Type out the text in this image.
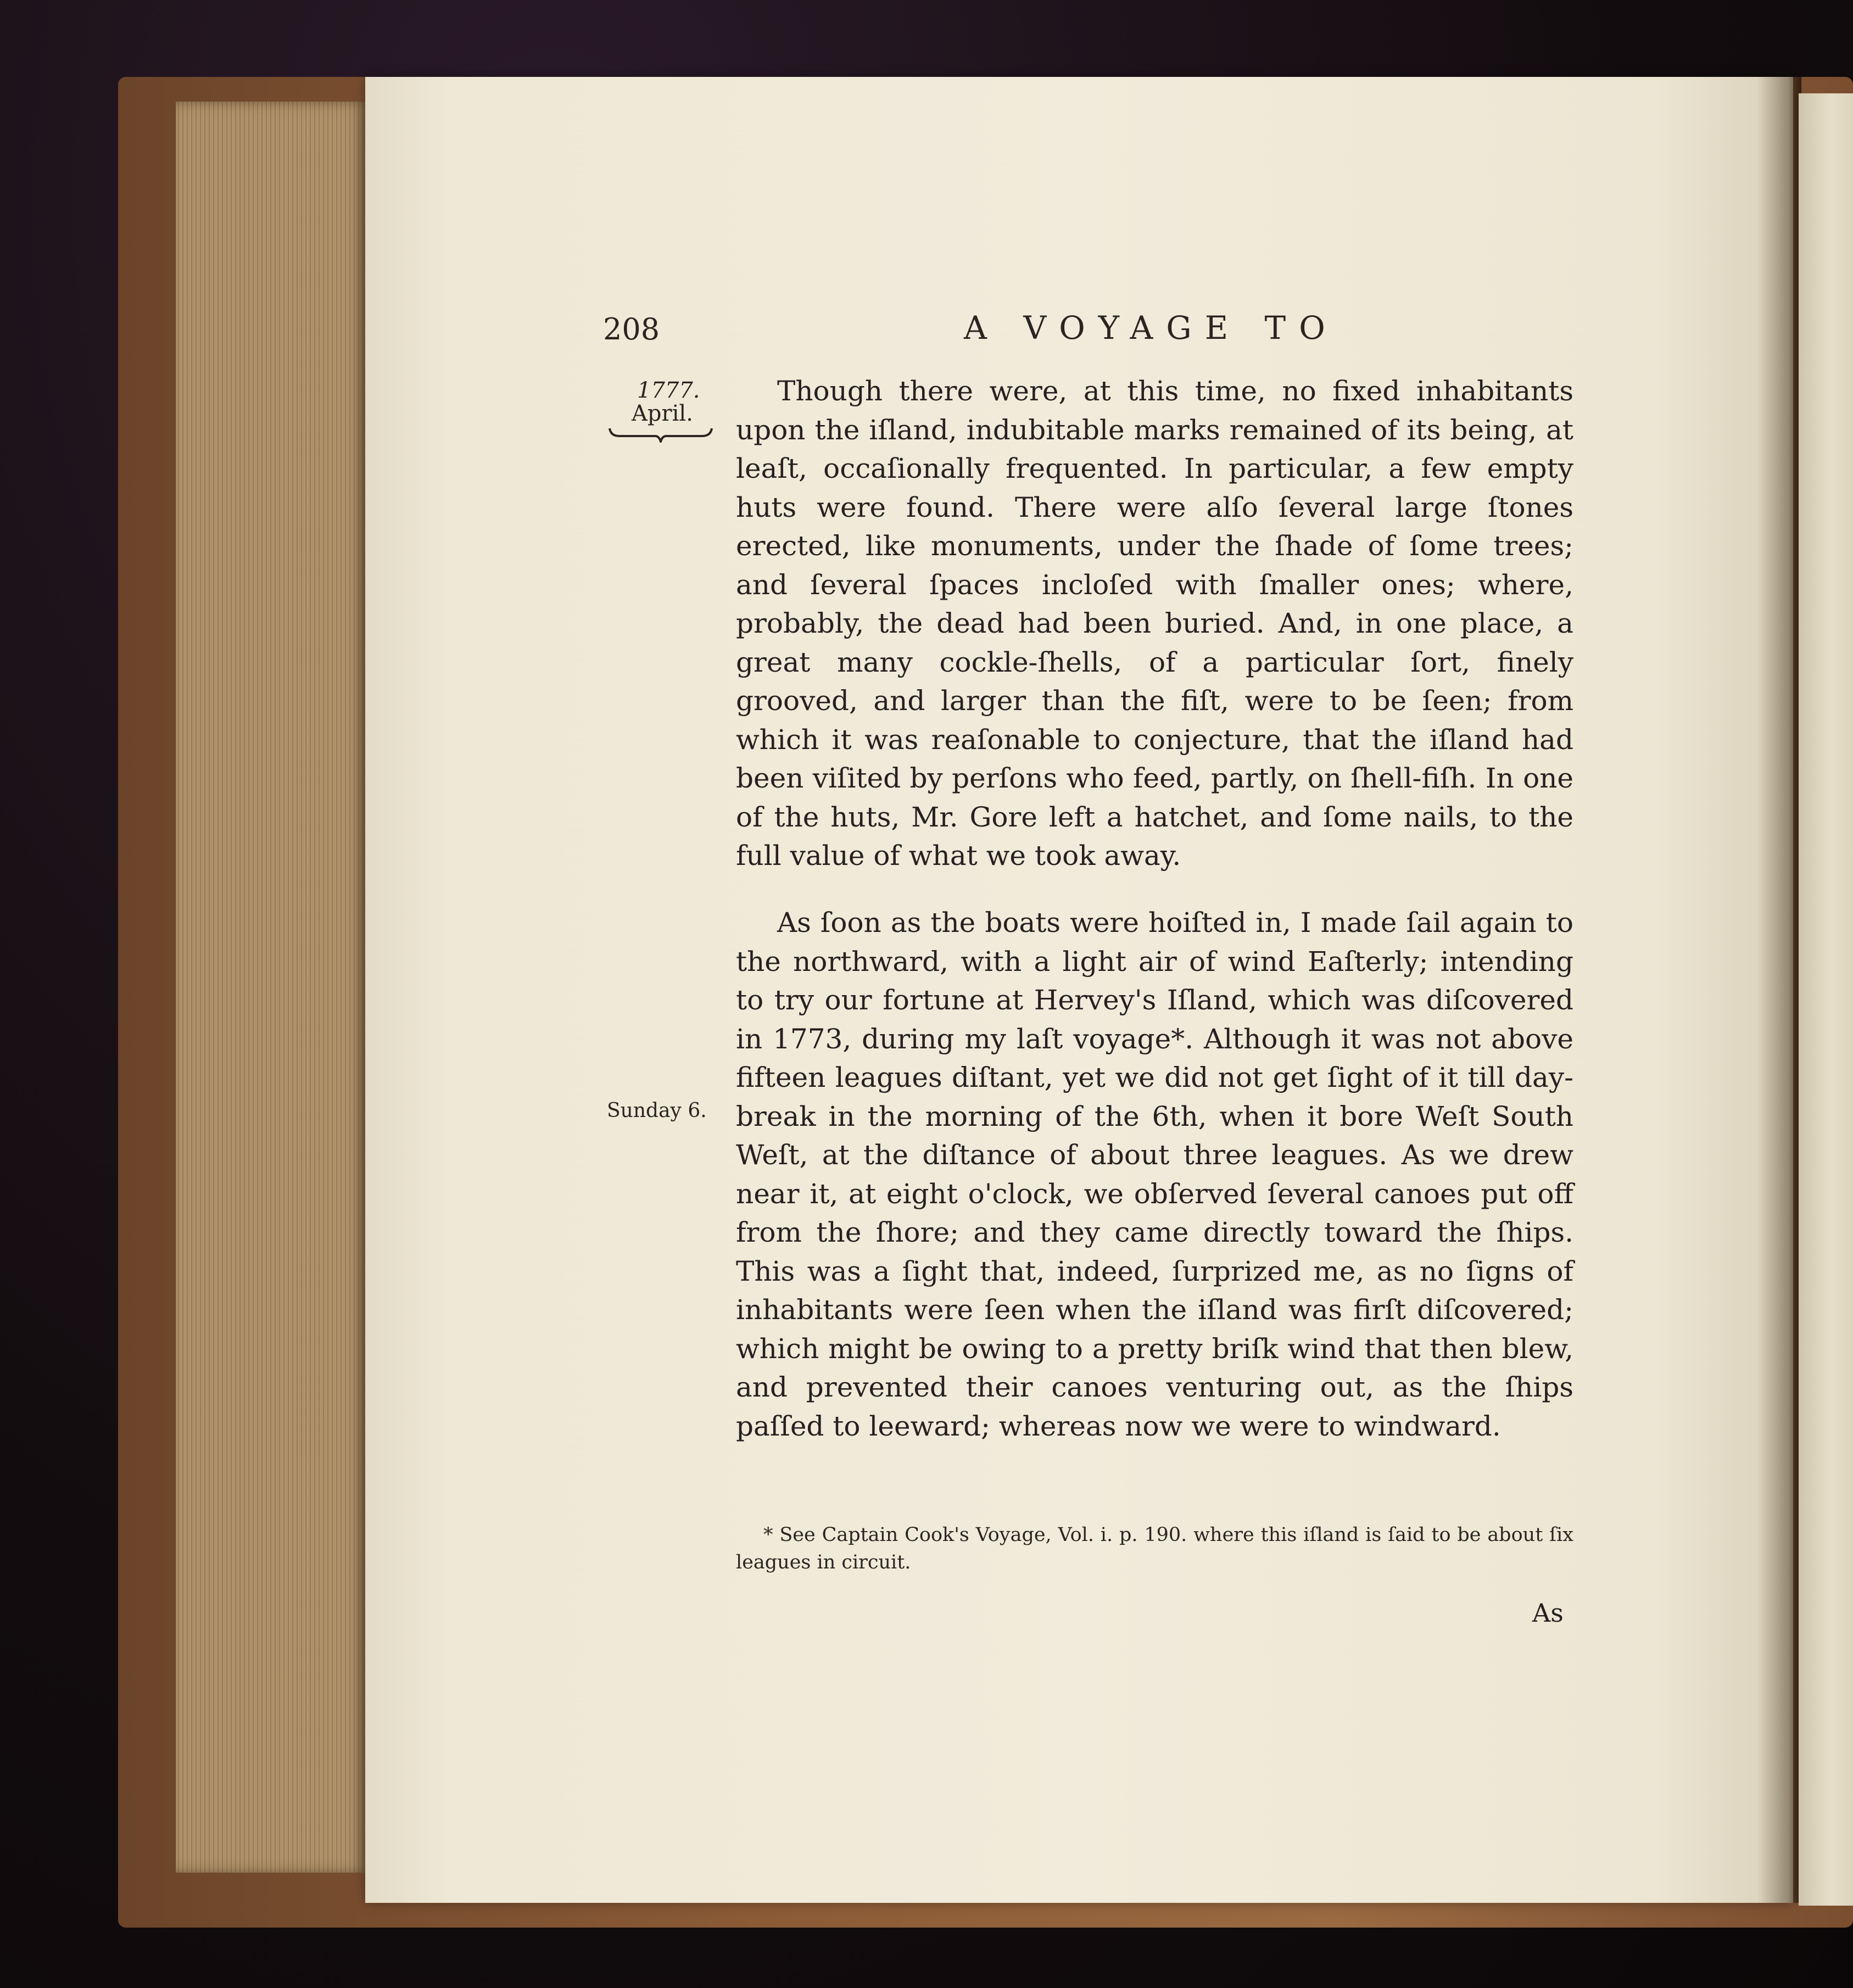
208	A VOYAGE TO
1777.
April.
Sunday 6.

Though there were, at this time, no fixed inhabitants upon the iſland, indubitable marks remained of its being, at leaſt, occaſionally frequented. In particular, a few empty huts were found. There were alſo ſeveral large ſtones erected, like monuments, under the ſhade of ſome trees; and ſeveral ſpaces incloſed with ſmaller ones; where, probably, the dead had been buried. And, in one place, a great many cockle-ſhells, of a particular ſort, finely grooved, and larger than the fiſt, were to be ſeen; from which it was reaſonable to conjecture, that the iſland had been viſited by perſons who feed, partly, on ſhell-fiſh. In one of the huts, Mr. Gore left a hatchet, and ſome nails, to the full value of what we took away.

As ſoon as the boats were hoiſted in, I made ſail again to the northward, with a light air of wind Eaſterly; intending to try our fortune at Hervey's Iſland, which was diſcovered in 1773, during my laſt voyage*. Although it was not above fifteen leagues diſtant, yet we did not get ſight of it till day-break in the morning of the 6th, when it bore Weſt South Weſt, at the diſtance of about three leagues. As we drew near it, at eight o'clock, we obſerved ſeveral canoes put off from the ſhore; and they came directly toward the ſhips. This was a ſight that, indeed, ſurprized me, as no ſigns of inhabitants were ſeen when the iſland was firſt diſcovered; which might be owing to a pretty briſk wind that then blew, and prevented their canoes venturing out, as the ſhips paſſed to leeward; whereas now we were to windward.

* See Captain Cook's Voyage, Vol. i. p. 190. where this iſland is ſaid to be about ſix leagues in circuit.

As
